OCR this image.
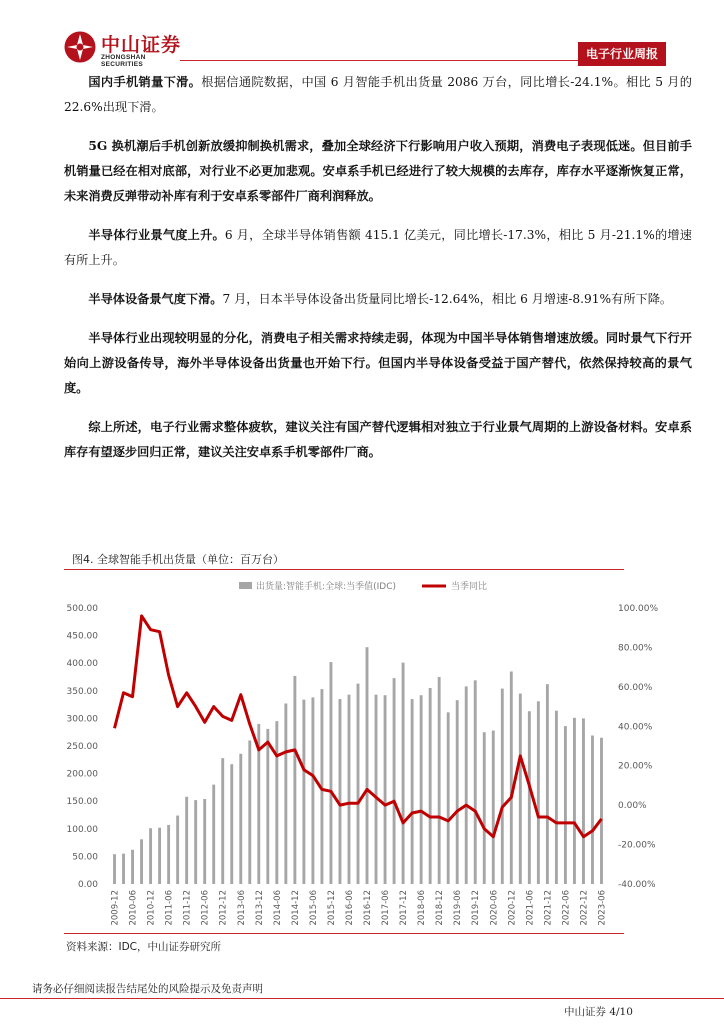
中山证券
ZHONGSHAN SECURITIES
电子行业周报

国内手机销量下滑。根据信通院数据，中国 6 月智能手机出货量 2086 万台，同比增长-24.1%。相比 5 月的 22.6%出现下滑。

5G 换机潮后手机创新放缓抑制换机需求，叠加全球经济下行影响用户收入预期，消费电子表现低迷。但目前手机销量已经在相对底部，对行业不必更加悲观。安卓系手机已经进行了较大规模的去库存，库存水平逐渐恢复正常，未来消费反弹带动补库有利于安卓系零部件厂商利润释放。

半导体行业景气度上升。6 月，全球半导体销售额 415.1 亿美元，同比增长-17.3%，相比 5 月-21.1%的增速有所上升。

半导体设备景气度下滑。7 月，日本半导体设备出货量同比增长-12.64%，相比 6 月增速-8.91%有所下降。

半导体行业出现较明显的分化，消费电子相关需求持续走弱，体现为中国半导体销售增速放缓。同时景气下行开始向上游设备传导，海外半导体设备出货量也开始下行。但国内半导体设备受益于国产替代，依然保持较高的景气度。

综上所述，电子行业需求整体疲软，建议关注有国产替代逻辑相对独立于行业景气周期的上游设备材料。安卓系库存有望逐步回归正常，建议关注安卓系手机零部件厂商。

图4. 全球智能手机出货量（单位：百万台）
0.00
50.00
100.00
150.00
200.00
250.00
300.00
350.00
400.00
450.00
500.00
-40.00%
-20.00%
0.00%
20.00%
40.00%
60.00%
80.00%
100.00%
2009-12 2010-06 2010-12 2011-06 2011-12 2012-06 2012-12 2013-06 2013-12 2014-06 2014-12 2015-06 2015-12 2016-06 2016-12 2017-06 2017-12 2018-06 2018-12 2019-06 2019-12 2020-06 2020-12 2021-06 2021-12 2022-06 2022-12 2023-06
出货量:智能手机:全球:当季值(IDC)	当季同比
资料来源：IDC，中山证券研究所
请务必仔细阅读报告结尾处的风险提示及免责声明
中山证券 4/10
